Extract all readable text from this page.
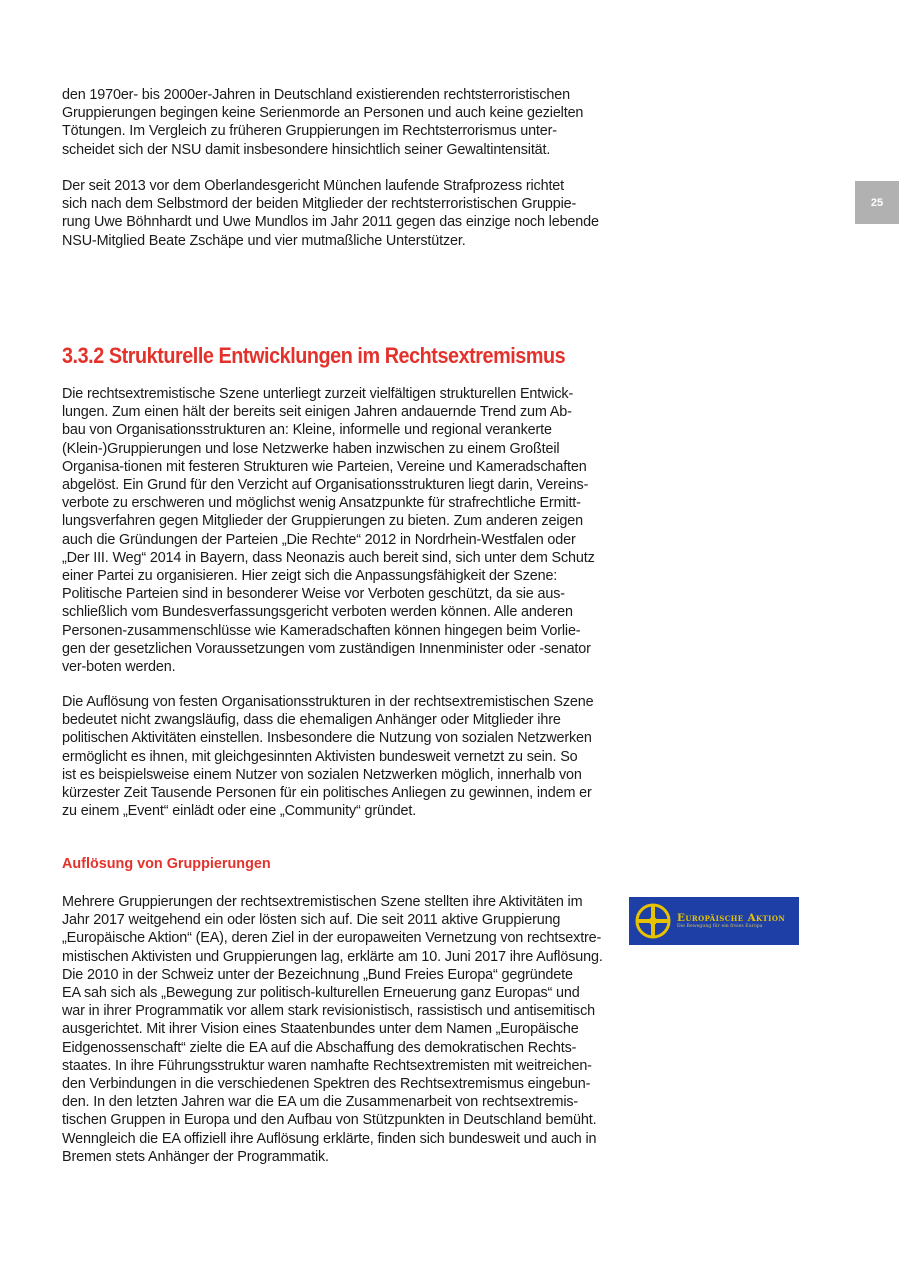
25
den 1970er- bis 2000er-Jahren in Deutschland existierenden rechtsterroristischen
Gruppierungen begingen keine Serienmorde an Personen und auch keine gezielten
Tötungen. Im Vergleich zu früheren Gruppierungen im Rechtsterrorismus unter-
scheidet sich der NSU damit insbesondere hinsichtlich seiner Gewaltintensität.
Der seit 2013 vor dem Oberlandesgericht München laufende Strafprozess richtet
sich nach dem Selbstmord der beiden Mitglieder der rechtsterroristischen Gruppie-
rung Uwe Böhnhardt und Uwe Mundlos im Jahr 2011 gegen das einzige noch lebende
NSU-Mitglied Beate Zschäpe und vier mutmaßliche Unterstützer.
3.3.2 Strukturelle Entwicklungen im Rechtsextremismus
Die rechtsextremistische Szene unterliegt zurzeit vielfältigen strukturellen Entwick-
lungen. Zum einen hält der bereits seit einigen Jahren andauernde Trend zum Ab-
bau von Organisationsstrukturen an: Kleine, informelle und regional verankerte
(Klein-)Gruppierungen und lose Netzwerke haben inzwischen zu einem Großteil
Organisa-tionen mit festeren Strukturen wie Parteien, Vereine und Kameradschaften
abgelöst. Ein Grund für den Verzicht auf Organisationsstrukturen liegt darin, Vereins-
verbote zu erschweren und möglichst wenig Ansatzpunkte für strafrechtliche Ermitt-
lungsverfahren gegen Mitglieder der Gruppierungen zu bieten. Zum anderen zeigen
auch die Gründungen der Parteien „Die Rechte“ 2012 in Nordrhein-Westfalen oder
„Der III. Weg“ 2014 in Bayern, dass Neonazis auch bereit sind, sich unter dem Schutz
einer Partei zu organisieren. Hier zeigt sich die Anpassungsfähigkeit der Szene:
Politische Parteien sind in besonderer Weise vor Verboten geschützt, da sie aus-
schließlich vom Bundesverfassungsgericht verboten werden können. Alle anderen
Personen-zusammenschlüsse wie Kameradschaften können hingegen beim Vorlie-
gen der gesetzlichen Voraussetzungen vom zuständigen Innenminister oder -senator
ver-boten werden.
Die Auflösung von festen Organisationsstrukturen in der rechtsextremistischen Szene
bedeutet nicht zwangsläufig, dass die ehemaligen Anhänger oder Mitglieder ihre
politischen Aktivitäten einstellen. Insbesondere die Nutzung von sozialen Netzwerken
ermöglicht es ihnen, mit gleichgesinnten Aktivisten bundesweit vernetzt zu sein. So
ist es beispielsweise einem Nutzer von sozialen Netzwerken möglich, innerhalb von
kürzester Zeit Tausende Personen für ein politisches Anliegen zu gewinnen, indem er
zu einem „Event“ einlädt oder eine „Community“ gründet.
Auflösung von Gruppierungen
Mehrere Gruppierungen der rechtsextremistischen Szene stellten ihre Aktivitäten im
Jahr 2017 weitgehend ein oder lösten sich auf. Die seit 2011 aktive Gruppierung
„Europäische Aktion“ (EA), deren Ziel in der europaweiten Vernetzung von rechtsextre-
mistischen Aktivisten und Gruppierungen lag, erklärte am 10. Juni 2017 ihre Auflösung.
Die 2010 in der Schweiz unter der Bezeichnung „Bund Freies Europa“ gegründete
EA sah sich als „Bewegung zur politisch-kulturellen Erneuerung ganz Europas“ und
war in ihrer Programmatik vor allem stark revisionistisch, rassistisch und antisemitisch
ausgerichtet. Mit ihrer Vision eines Staatenbundes unter dem Namen „Europäische
Eidgenossenschaft“ zielte die EA auf die Abschaffung des demokratischen Rechts-
staates. In ihre Führungsstruktur waren namhafte Rechtsextremisten mit weitreichen-
den Verbindungen in die verschiedenen Spektren des Rechtsextremismus eingebun-
den. In den letzten Jahren war die EA um die Zusammenarbeit von rechtsextremis-
tischen Gruppen in Europa und den Aufbau von Stützpunkten in Deutschland bemüht.
Wenngleich die EA offiziell ihre Auflösung erklärte, finden sich bundesweit und auch in
Bremen stets Anhänger der Programmatik.
Europäische Aktion
Die Bewegung für ein freies Europa
